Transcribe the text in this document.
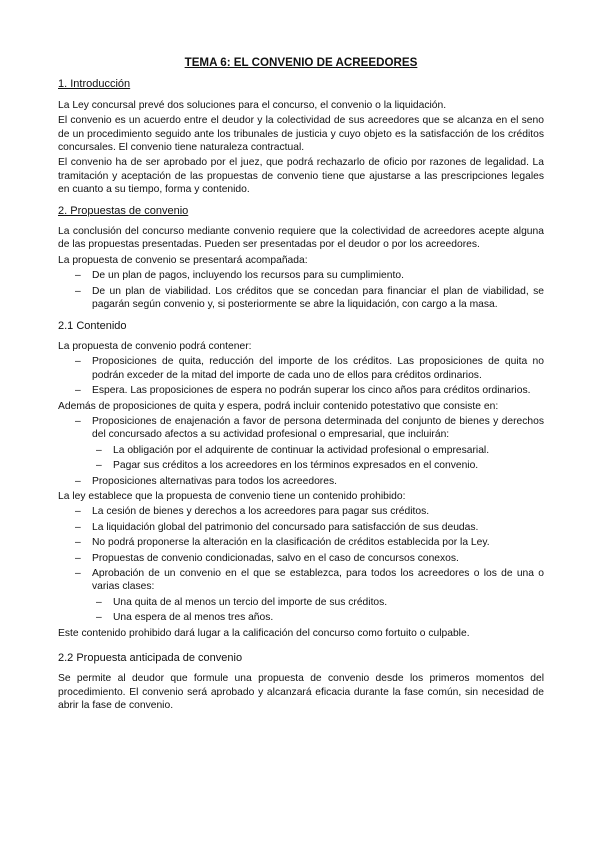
TEMA 6: EL CONVENIO DE ACREEDORES
1. Introducción

La Ley concursal prevé dos soluciones para el concurso, el convenio o la liquidación.

El convenio es un acuerdo entre el deudor y la colectividad de sus acreedores que se alcanza en el seno de un procedimiento seguido ante los tribunales de justicia y cuyo objeto es la satisfacción de los créditos concursales. El convenio tiene naturaleza contractual.

El convenio ha de ser aprobado por el juez, que podrá rechazarlo de oficio por razones de legalidad. La tramitación y aceptación de las propuestas de convenio tiene que ajustarse a las prescripciones legales en cuanto a su tiempo, forma y contenido.

2. Propuestas de convenio

La conclusión del concurso mediante convenio requiere que la colectividad de acreedores acepte alguna de las propuestas presentadas. Pueden ser presentadas por el deudor o por los acreedores.

La propuesta de convenio se presentará acompañada:

– De un plan de pagos, incluyendo los recursos para su cumplimiento.
– De un plan de viabilidad. Los créditos que se concedan para financiar el plan de viabilidad, se pagarán según convenio y, si posteriormente se abre la liquidación, con cargo a la masa.
2.1 Contenido

La propuesta de convenio podrá contener:

– Proposiciones de quita, reducción del importe de los créditos. Las proposiciones de quita no podrán exceder de la mitad del importe de cada uno de ellos para créditos ordinarios.
– Espera. Las proposiciones de espera no podrán superar los cinco años para créditos ordinarios.

Además de proposiciones de quita y espera, podrá incluir contenido potestativo que consiste en:

– Proposiciones de enajenación a favor de persona determinada del conjunto de bienes y derechos del concursado afectos a su actividad profesional o empresarial, que incluirán:
– La obligación por el adquirente de continuar la actividad profesional o empresarial.
– Pagar sus créditos a los acreedores en los términos expresados en el convenio.
– Proposiciones alternativas para todos los acreedores.

La ley establece que la propuesta de convenio tiene un contenido prohibido:

– La cesión de bienes y derechos a los acreedores para pagar sus créditos.
– La liquidación global del patrimonio del concursado para satisfacción de sus deudas.
– No podrá proponerse la alteración en la clasificación de créditos establecida por la Ley.
– Propuestas de convenio condicionadas, salvo en el caso de concursos conexos.
– Aprobación de un convenio en el que se establezca, para todos los acreedores o los de una o varias clases:
– Una quita de al menos un tercio del importe de sus créditos.
– Una espera de al menos tres años.

Este contenido prohibido dará lugar a la calificación del concurso como fortuito o culpable.

2.2 Propuesta anticipada de convenio

Se permite al deudor que formule una propuesta de convenio desde los primeros momentos del procedimiento. El convenio será aprobado y alcanzará eficacia durante la fase común, sin necesidad de abrir la fase de convenio.
